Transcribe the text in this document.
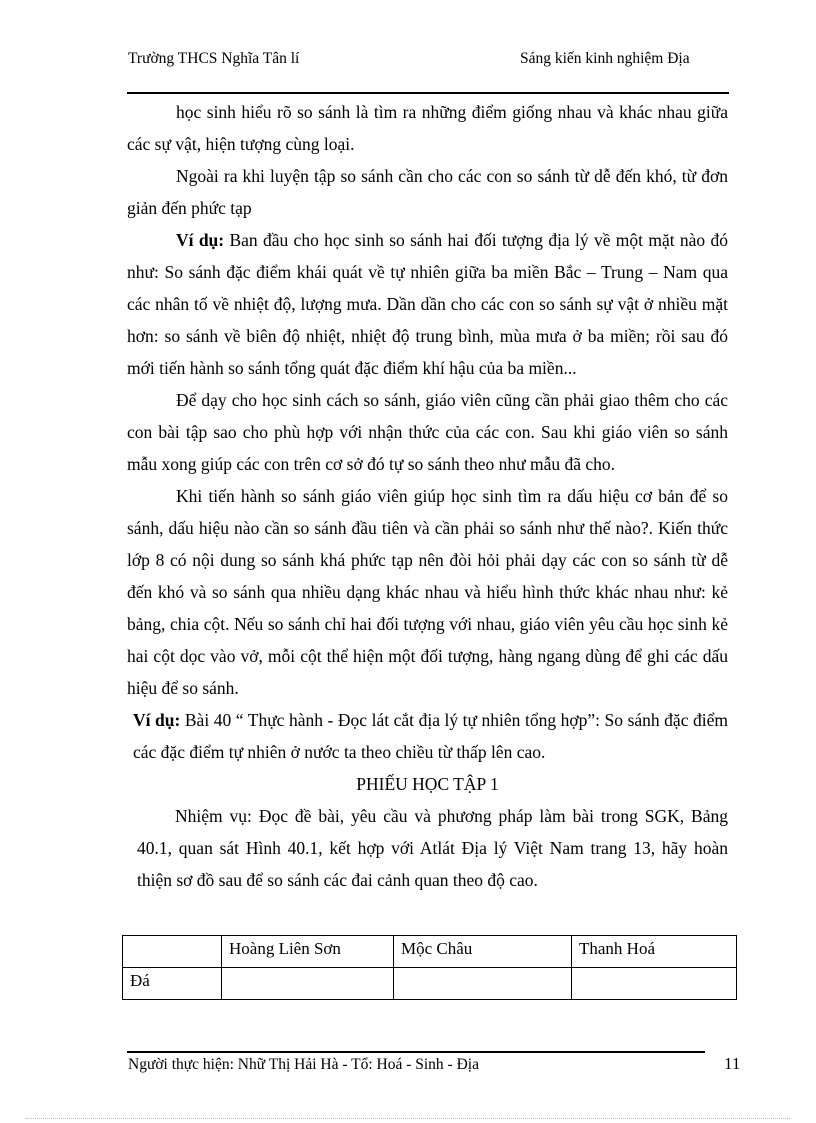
Trường THCS Nghĩa Tân lí	Sáng kiến kinh nghiệm Địa

học sinh hiểu rõ so sánh là tìm ra những điểm giống nhau và khác nhau giữa các sự vật, hiện tượng cùng loại.

Ngoài ra khi luyện tập so sánh cần cho các con so sánh từ dễ đến khó, từ đơn giản đến phức tạp

Ví dụ: Ban đầu cho học sinh so sánh hai đối tượng địa lý về một mặt nào đó như: So sánh đặc điểm khái quát về tự nhiên giữa ba miền Bắc – Trung – Nam qua các nhân tố về nhiệt độ, lượng mưa. Dần dần cho các con so sánh sự vật ở nhiều mặt hơn: so sánh về biên độ nhiệt, nhiệt độ trung bình, mùa mưa ở ba miền; rồi sau đó mới tiến hành so sánh tổng quát đặc điểm khí hậu của ba miền...

Để dạy cho học sinh cách so sánh, giáo viên cũng cần phải giao thêm cho các con bài tập sao cho phù hợp với nhận thức của các con. Sau khi giáo viên so sánh mẫu xong giúp các con trên cơ sở đó tự so sánh theo như mẫu đã cho.

Khi tiến hành so sánh giáo viên giúp học sinh tìm ra dấu hiệu cơ bản để so sánh, dấu hiệu nào cần so sánh đầu tiên và cần phải so sánh như thế nào?. Kiến thức lớp 8 có nội dung so sánh khá phức tạp nên đòi hỏi phải dạy các con so sánh từ dễ đến khó và so sánh qua nhiều dạng khác nhau và hiểu hình thức khác nhau như: kẻ bảng, chia cột. Nếu so sánh chỉ hai đối tượng với nhau, giáo viên yêu cầu học sinh kẻ hai cột dọc vào vở, mỗi cột thể hiện một đối tượng, hàng ngang dùng để ghi các dấu hiệu để so sánh.

Ví dụ: Bài 40 “ Thực hành - Đọc lát cắt địa lý tự nhiên tổng hợp”: So sánh đặc điểm các đặc điểm tự nhiên ở nước ta theo chiều từ thấp lên cao.

PHIẾU HỌC TẬP 1

Nhiệm vụ: Đọc đề bài, yêu cầu và phương pháp làm bài trong SGK, Bảng 40.1, quan sát Hình 40.1, kết hợp với Atlát Địa lý Việt Nam trang 13, hãy hoàn thiện sơ đồ sau để so sánh các đai cảnh quan theo độ cao.

	Hoàng Liên Sơn	Mộc Châu	Thanh Hoá
Đá			
Người thực hiện: Nhữ Thị Hải Hà - Tổ: Hoá - Sinh - Địa	11
